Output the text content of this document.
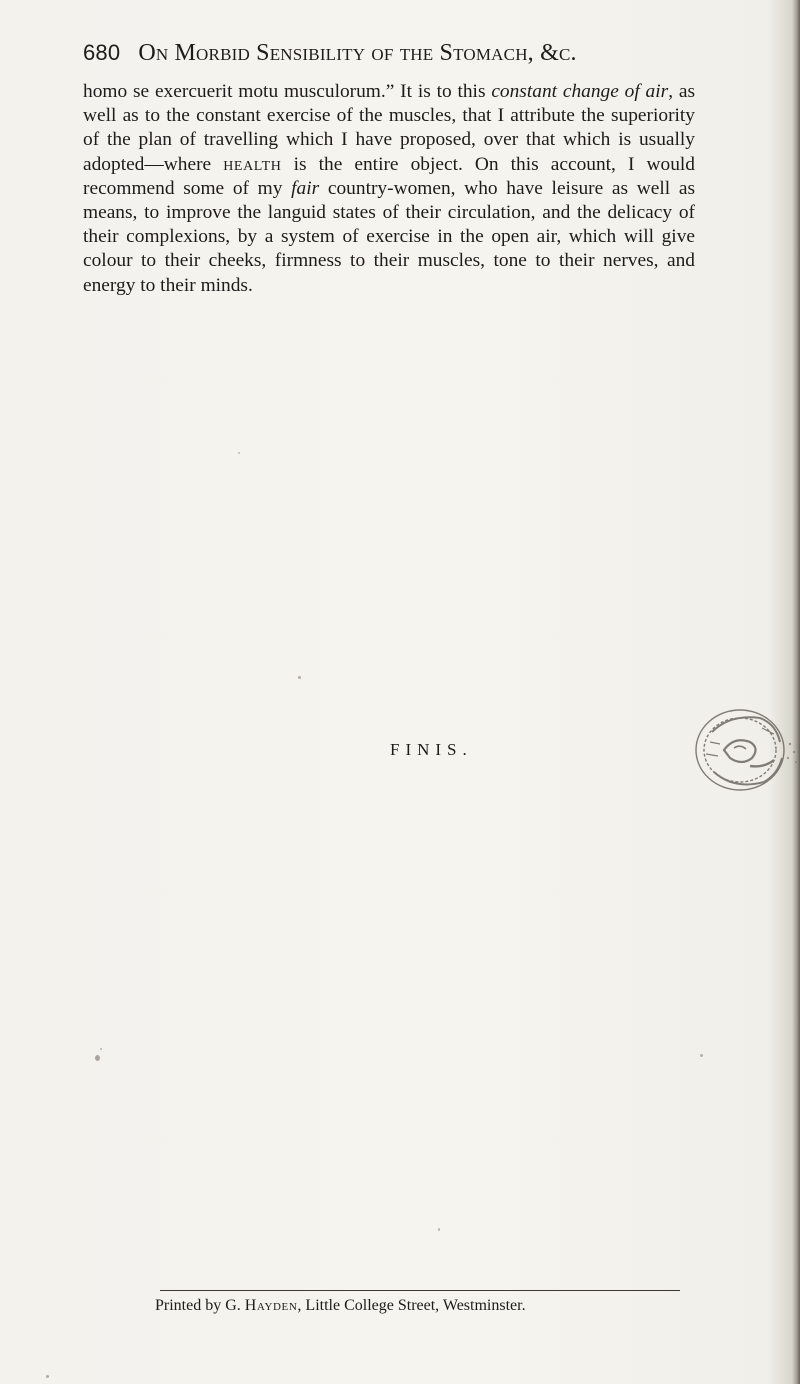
680 On Morbid Sensibility of the Stomach, &c.

homo se exercuerit motu musculorum.” It is to this constant change of air, as well as to the constant exercise of the muscles, that I attribute the superiority of the plan of travelling which I have proposed, over that which is usually adopted—where health is the entire object. On this account, I would recommend some of my fair country-women, who have leisure as well as means, to improve the languid states of their circulation, and the delicacy of their complexions, by a system of exercise in the open air, which will give colour to their cheeks, firmness to their muscles, tone to their nerves, and energy to their minds.

FINIS.
Printed by G. Hayden, Little College Street, Westminster.
